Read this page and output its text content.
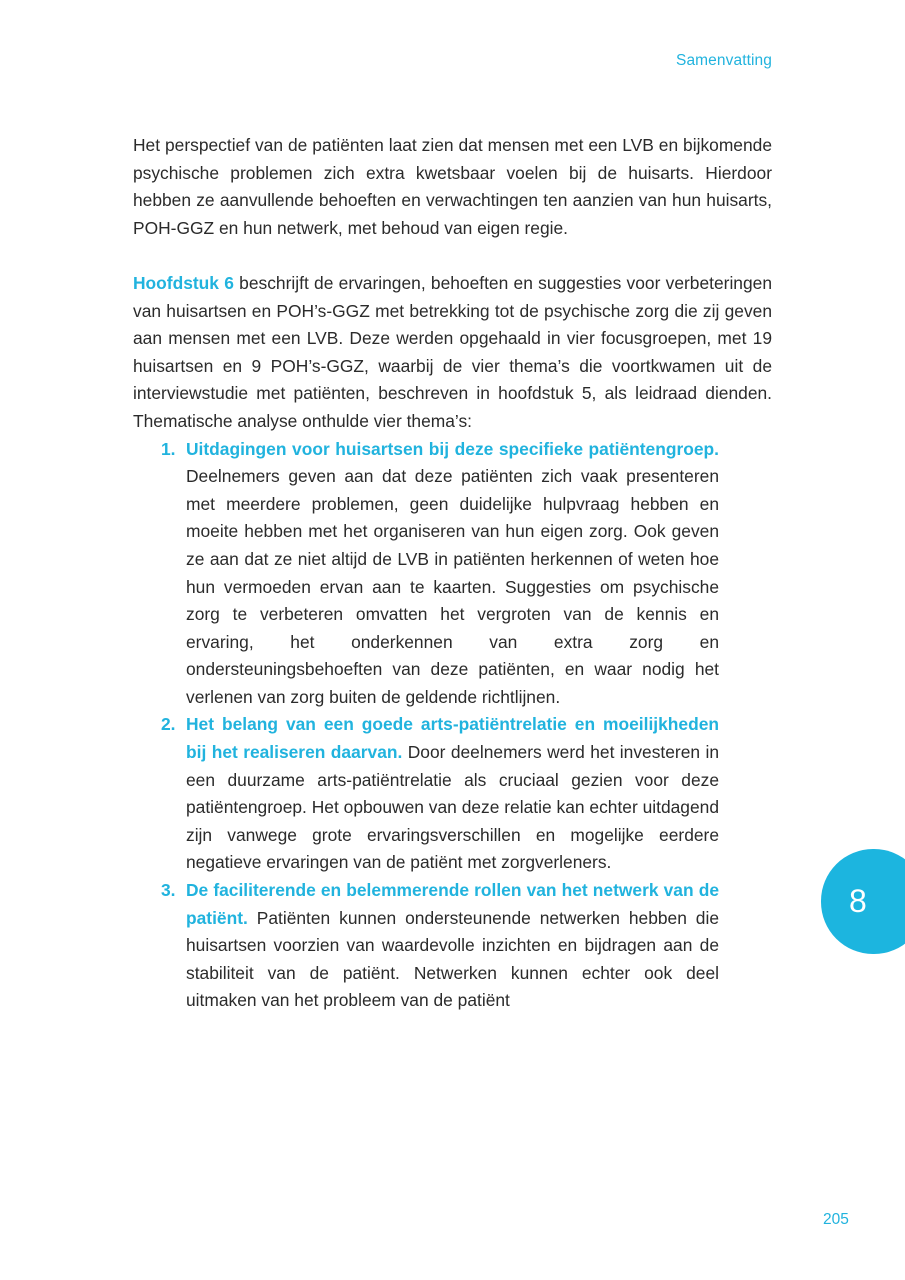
Samenvatting

Het perspectief van de patiënten laat zien dat mensen met een LVB en bijkomende psychische problemen zich extra kwetsbaar voelen bij de huisarts. Hierdoor hebben ze aanvullende behoeften en verwachtingen ten aanzien van hun huisarts, POH-GGZ en hun netwerk, met behoud van eigen regie.

Hoofdstuk 6 beschrijft de ervaringen, behoeften en suggesties voor verbeteringen van huisartsen en POH’s-GGZ met betrekking tot de psychische zorg die zij geven aan mensen met een LVB. Deze werden opgehaald in vier focusgroepen, met 19 huisartsen en 9 POH’s-GGZ, waarbij de vier thema’s die voortkwamen uit de interviewstudie met patiënten, beschreven in hoofdstuk 5, als leidraad dienden. Thematische analyse onthulde vier thema’s:

1. Uitdagingen voor huisartsen bij deze specifieke patiëntengroep. Deelnemers geven aan dat deze patiënten zich vaak presenteren met meerdere problemen, geen duidelijke hulpvraag hebben en moeite hebben met het organiseren van hun eigen zorg. Ook geven ze aan dat ze niet altijd de LVB in patiënten herkennen of weten hoe hun vermoeden ervan aan te kaarten. Suggesties om psychische zorg te verbeteren omvatten het vergroten van de kennis en ervaring, het onderkennen van extra zorg en ondersteuningsbehoeften van deze patiënten, en waar nodig het verlenen van zorg buiten de geldende richtlijnen.
2. Het belang van een goede arts-patiëntrelatie en moeilijkheden bij het realiseren daarvan. Door deelnemers werd het investeren in een duurzame arts-patiëntrelatie als cruciaal gezien voor deze patiëntengroep. Het opbouwen van deze relatie kan echter uitdagend zijn vanwege grote ervaringsverschillen en mogelijke eerdere negatieve ervaringen van de patiënt met zorgverleners.
3. De faciliterende en belemmerende rollen van het netwerk van de patiënt. Patiënten kunnen ondersteunende netwerken hebben die huisartsen voorzien van waardevolle inzichten en bijdragen aan de stabiliteit van de patiënt. Netwerken kunnen echter ook deel uitmaken van het probleem van de patiënt
8
205
